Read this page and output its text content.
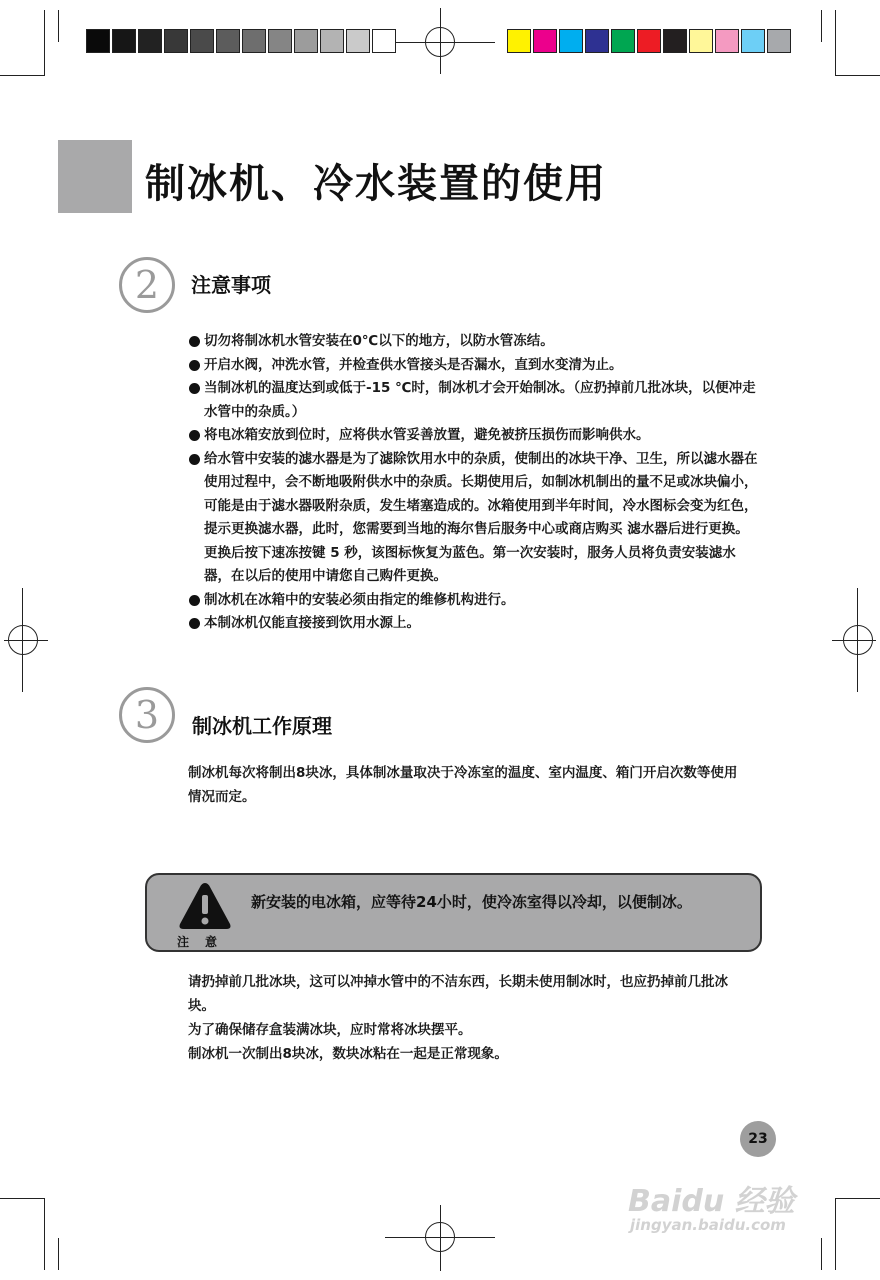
制冰机、冷水装置的使用
2	注意事项
切勿将制冰机水管安装在0℃以下的地方，以防水管冻结。
开启水阀，冲洗水管，并检查供水管接头是否漏水，直到水变清为止。
当制冰机的温度达到或低于-15 ℃时，制冰机才会开始制冰。（应扔掉前几批冰块，以便冲走水管中的杂质。）
将电冰箱安放到位时，应将供水管妥善放置，避免被挤压损伤而影响供水。
给水管中安装的滤水器是为了滤除饮用水中的杂质，使制出的冰块干净、卫生，所以滤水器在使用过程中，会不断地吸附供水中的杂质。长期使用后，如制冰机制出的量不足或冰块偏小，可能是由于滤水器吸附杂质，发生堵塞造成的。冰箱使用到半年时间，冷水图标会变为红色，提示更换滤水器，此时，您需要到当地的海尔售后服务中心或商店购买 滤水器后进行更换。更换后按下速冻按键 5 秒，该图标恢复为蓝色。第一次安装时，服务人员将负责安装滤水器，在以后的使用中请您自己购件更换。
制冰机在冰箱中的安装必须由指定的维修机构进行。
本制冰机仅能直接接到饮用水源上。
3	制冰机工作原理
制冰机每次将制出8块冰，具体制冰量取决于冷冻室的温度、室内温度、箱门开启次数等使用情况而定。
注意
新安装的电冰箱，应等待24小时，使冷冻室得以冷却，以便制冰。
请扔掉前几批冰块，这可以冲掉水管中的不洁东西，长期未使用制冰时，也应扔掉前几批冰块。
为了确保储存盒装满冰块，应时常将冰块摆平。
制冰机一次制出8块冰，数块冰粘在一起是正常现象。
23
Baidu 经验
jingyan.baidu.com
